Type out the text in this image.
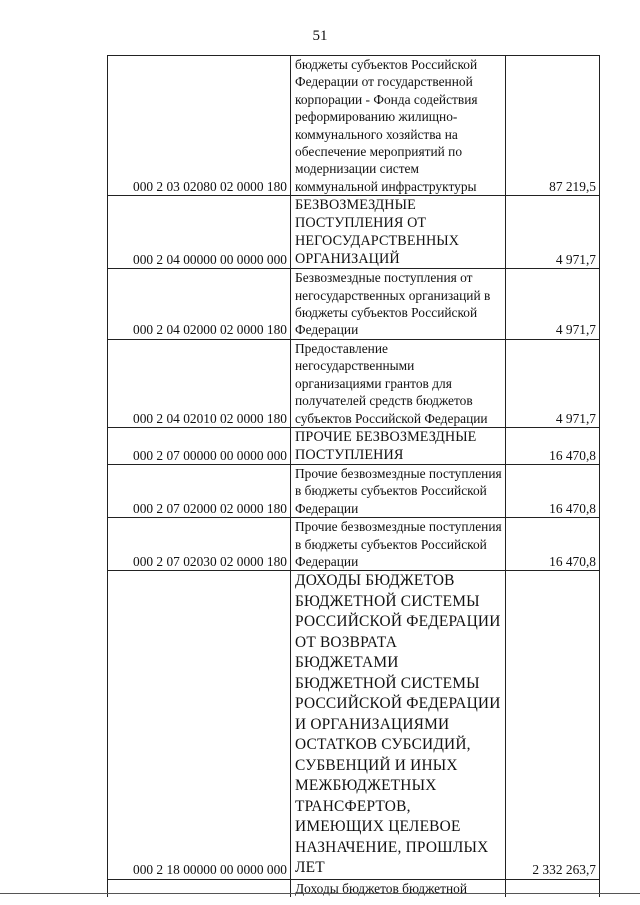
51
000 2 03 02080 02 0000 180	бюджеты субъектов Российской Федерации от государственной корпорации - Фонда содействия реформированию жилищно-коммунального хозяйства на обеспечение мероприятий по модернизации систем коммунальной инфраструктуры	87 219,5
000 2 04 00000 00 0000 000	БЕЗВОЗМЕЗДНЫЕ ПОСТУПЛЕНИЯ ОТ НЕГОСУДАРСТВЕННЫХ ОРГАНИЗАЦИЙ	4 971,7
000 2 04 02000 02 0000 180	Безвозмездные поступления от негосударственных организаций в бюджеты субъектов Российской Федерации	4 971,7
000 2 04 02010 02 0000 180	Предоставление негосударственными организациями грантов для получателей средств бюджетов субъектов Российской Федерации	4 971,7
000 2 07 00000 00 0000 000	ПРОЧИЕ БЕЗВОЗМЕЗДНЫЕ ПОСТУПЛЕНИЯ	16 470,8
000 2 07 02000 02 0000 180	Прочие безвозмездные поступления в бюджеты субъектов Российской Федерации	16 470,8
000 2 07 02030 02 0000 180	Прочие безвозмездные поступления в бюджеты субъектов Российской Федерации	16 470,8
000 2 18 00000 00 0000 000	ДОХОДЫ БЮДЖЕТОВ БЮДЖЕТНОЙ СИСТЕМЫ РОССИЙСКОЙ ФЕДЕРАЦИИ ОТ ВОЗВРАТА БЮДЖЕТАМИ БЮДЖЕТНОЙ СИСТЕМЫ РОССИЙСКОЙ ФЕДЕРАЦИИ И ОРГАНИЗАЦИЯМИ ОСТАТКОВ СУБСИДИЙ, СУБВЕНЦИЙ И ИНЫХ МЕЖБЮДЖЕТНЫХ ТРАНСФЕРТОВ, ИМЕЮЩИХ ЦЕЛЕВОЕ НАЗНАЧЕНИЕ, ПРОШЛЫХ ЛЕТ	2 332 263,7
	Доходы бюджетов бюджетной	
